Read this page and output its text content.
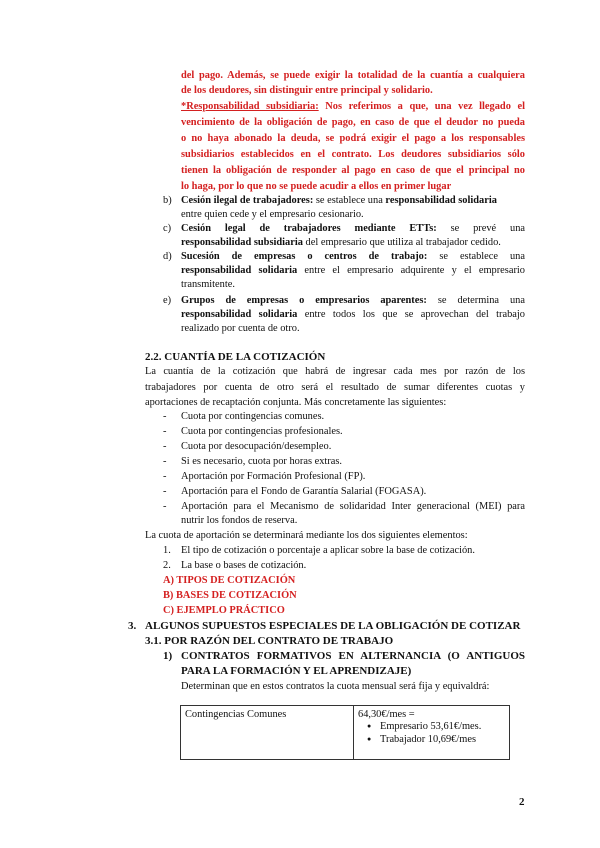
del pago. Además, se puede exigir la totalidad de la cuantía a cualquiera
de los deudores, sin distinguir entre principal y solidario.
*Responsabilidad subsidiaria: Nos referimos a que, una vez llegado el
vencimiento de la obligación de pago, en caso de que el deudor no pueda
o no haya abonado la deuda, se podrá exigir el pago a los responsables
subsidiarios establecidos en el contrato. Los deudores subsidiarios sólo
tienen la obligación de responder al pago en caso de que el principal no
lo haga, por lo que no se puede acudir a ellos en primer lugar
b) Cesión ilegal de trabajadores: se establece una responsabilidad solidaria
entre quien cede y el empresario cesionario.
c) Cesión legal de trabajadores mediante ETTs: se prevé una
responsabilidad subsidiaria del empresario que utiliza al trabajador cedido.
d) Sucesión de empresas o centros de trabajo: se establece una
responsabilidad solidaria entre el empresario adquirente y el empresario
transmitente.
e) Grupos de empresas o empresarios aparentes: se determina una
responsabilidad solidaria entre todos los que se aprovechan del trabajo
realizado por cuenta de otro.
2.2. CUANTÍA DE LA COTIZACIÓN
La cuantía de la cotización que habrá de ingresar cada mes por razón de los
trabajadores por cuenta de otro será el resultado de sumar diferentes cuotas y
aportaciones de recaptación conjunta. Más concretamente las siguientes:
- Cuota por contingencias comunes.
- Cuota por contingencias profesionales.
- Cuota por desocupación/desempleo.
- Si es necesario, cuota por horas extras.
- Aportación por Formación Profesional (FP).
- Aportación para el Fondo de Garantía Salarial (FOGASA).
- Aportación para el Mecanismo de solidaridad Inter generacional (MEI) para
nutrir los fondos de reserva.
La cuota de aportación se determinará mediante los dos siguientes elementos:
1. El tipo de cotización o porcentaje a aplicar sobre la base de cotización.
2. La base o bases de cotización.
A) TIPOS DE COTIZACIÓN
B) BASES DE COTIZACIÓN
C) EJEMPLO PRÁCTICO
3. ALGUNOS SUPUESTOS ESPECIALES DE LA OBLIGACIÓN DE COTIZAR
3.1. POR RAZÓN DEL CONTRATO DE TRABAJO
1) CONTRATOS FORMATIVOS EN ALTERNANCIA (O ANTIGUOS
PARA LA FORMACIÓN Y EL APRENDIZAJE)
Determinan que en estos contratos la cuota mensual será fija y equivaldrá:
Contingencias Comunes	64,30€/mes =
● Empresario 53,61€/mes.
● Trabajador 10,69€/mes
2
